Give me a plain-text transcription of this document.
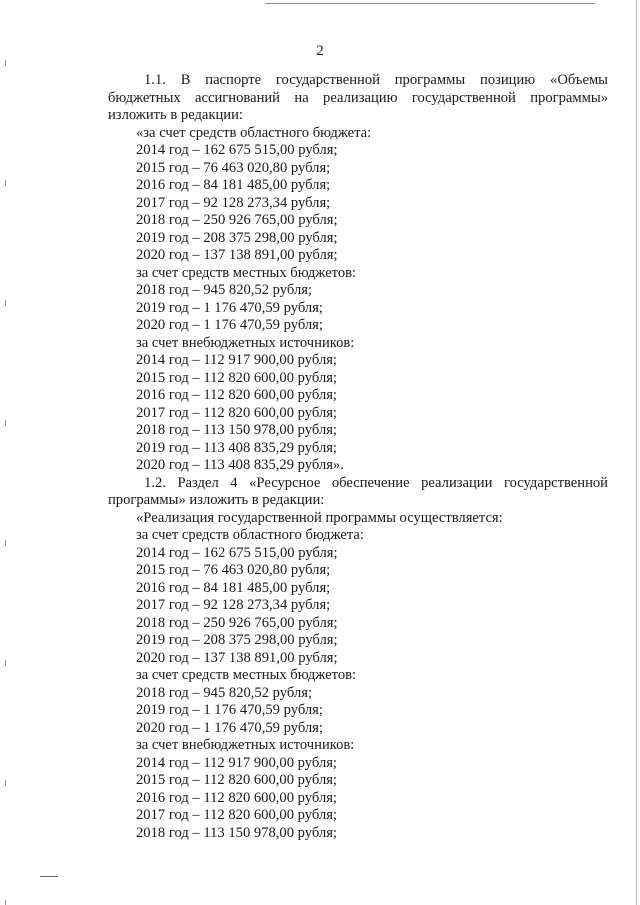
2

1.1. В паспорте государственной программы позицию «Объемы бюджетных ассигнований на реализацию государственной программы» изложить в редакции:

«за счет средств областного бюджета:
2014 год – 162 675 515,00 рубля;
2015 год – 76 463 020,80 рубля;
2016 год – 84 181 485,00 рубля;
2017 год – 92 128 273,34 рубля;
2018 год – 250 926 765,00 рубля;
2019 год – 208 375 298,00 рубля;
2020 год – 137 138 891,00 рубля;
за счет средств местных бюджетов:
2018 год – 945 820,52 рубля;
2019 год – 1 176 470,59 рубля;
2020 год – 1 176 470,59 рубля;
за счет внебюджетных источников:
2014 год – 112 917 900,00 рубля;
2015 год – 112 820 600,00 рубля;
2016 год – 112 820 600,00 рубля;
2017 год – 112 820 600,00 рубля;
2018 год – 113 150 978,00 рубля;
2019 год – 113 408 835,29 рубля;
2020 год – 113 408 835,29 рубля».

1.2. Раздел 4 «Ресурсное обеспечение реализации государственной программы» изложить в редакции:

«Реализация государственной программы осуществляется:
за счет средств областного бюджета:
2014 год – 162 675 515,00 рубля;
2015 год – 76 463 020,80 рубля;
2016 год – 84 181 485,00 рубля;
2017 год – 92 128 273,34 рубля;
2018 год – 250 926 765,00 рубля;
2019 год – 208 375 298,00 рубля;
2020 год – 137 138 891,00 рубля;
за счет средств местных бюджетов:
2018 год – 945 820,52 рубля;
2019 год – 1 176 470,59 рубля;
2020 год – 1 176 470,59 рубля;
за счет внебюджетных источников:
2014 год – 112 917 900,00 рубля;
2015 год – 112 820 600,00 рубля;
2016 год – 112 820 600,00 рубля;
2017 год – 112 820 600,00 рубля;
2018 год – 113 150 978,00 рубля;
